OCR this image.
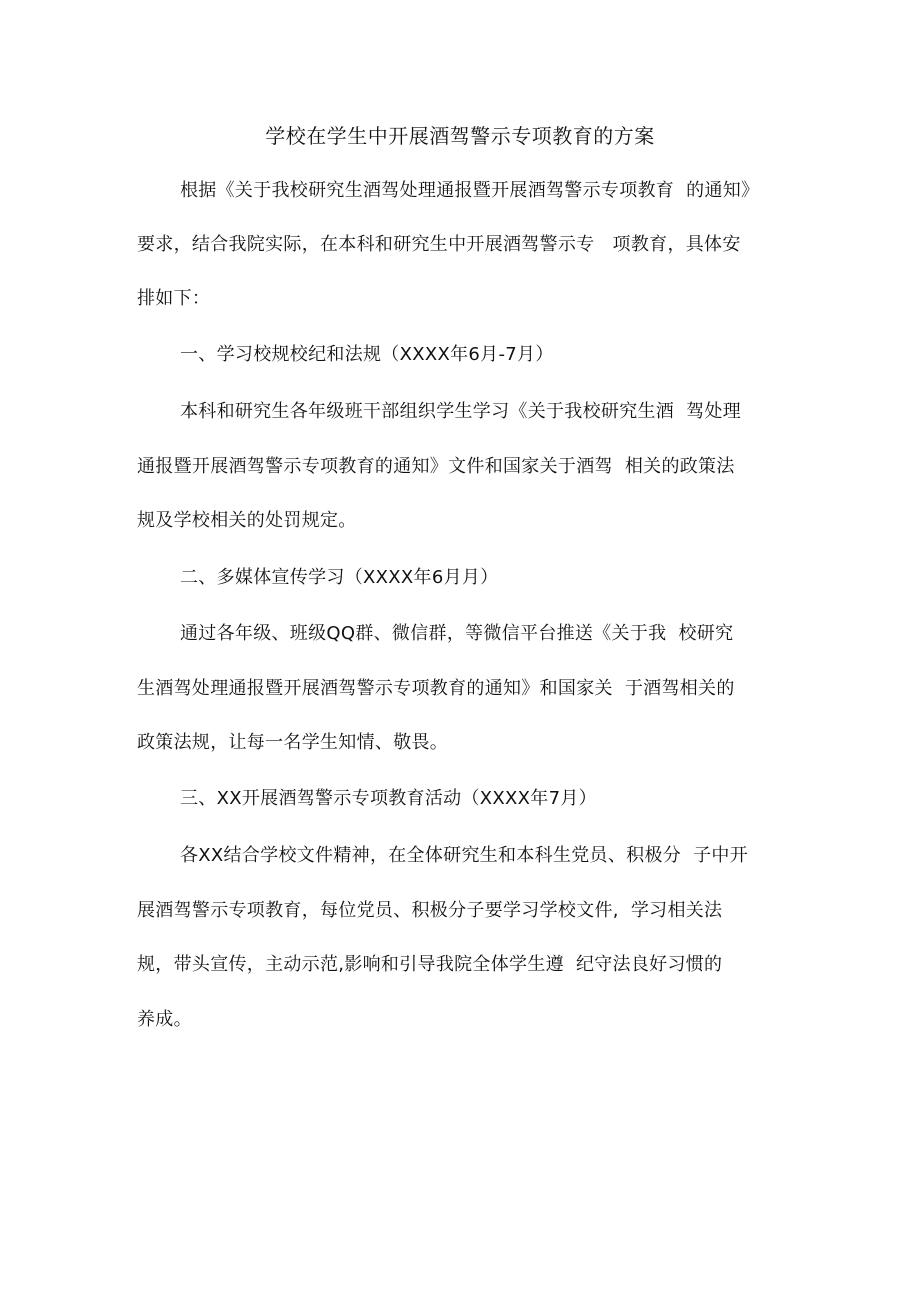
学校在学生中开展酒驾警示专项教育的方案
根据《关于我校研究生酒驾处理通报暨开展酒驾警示专项教育  的通知》
要求，结合我院实际，在本科和研究生中开展酒驾警示专   项教育，具体安
排如下：
一、学习校规校纪和法规（XXXX年6月-7月）
本科和研究生各年级班干部组织学生学习《关于我校研究生酒  驾处理
通报暨开展酒驾警示专项教育的通知》文件和国家关于酒驾  相关的政策法
规及学校相关的处罚规定。
二、多媒体宣传学习（XXXX年6月月）
通过各年级、班级QQ群、微信群，等微信平台推送《关于我  校研究
生酒驾处理通报暨开展酒驾警示专项教育的通知》和国家关  于酒驾相关的
政策法规，让每一名学生知情、敬畏。
三、XX开展酒驾警示专项教育活动（XXXX年7月）
各XX结合学校文件精神，在全体研究生和本科生党员、积极分  子中开
展酒驾警示专项教育，每位党员、积极分子要学习学校文件,  学习相关法
规，带头宣传，主动示范,影响和引导我院全体学生遵  纪守法良好习惯的
养成。
